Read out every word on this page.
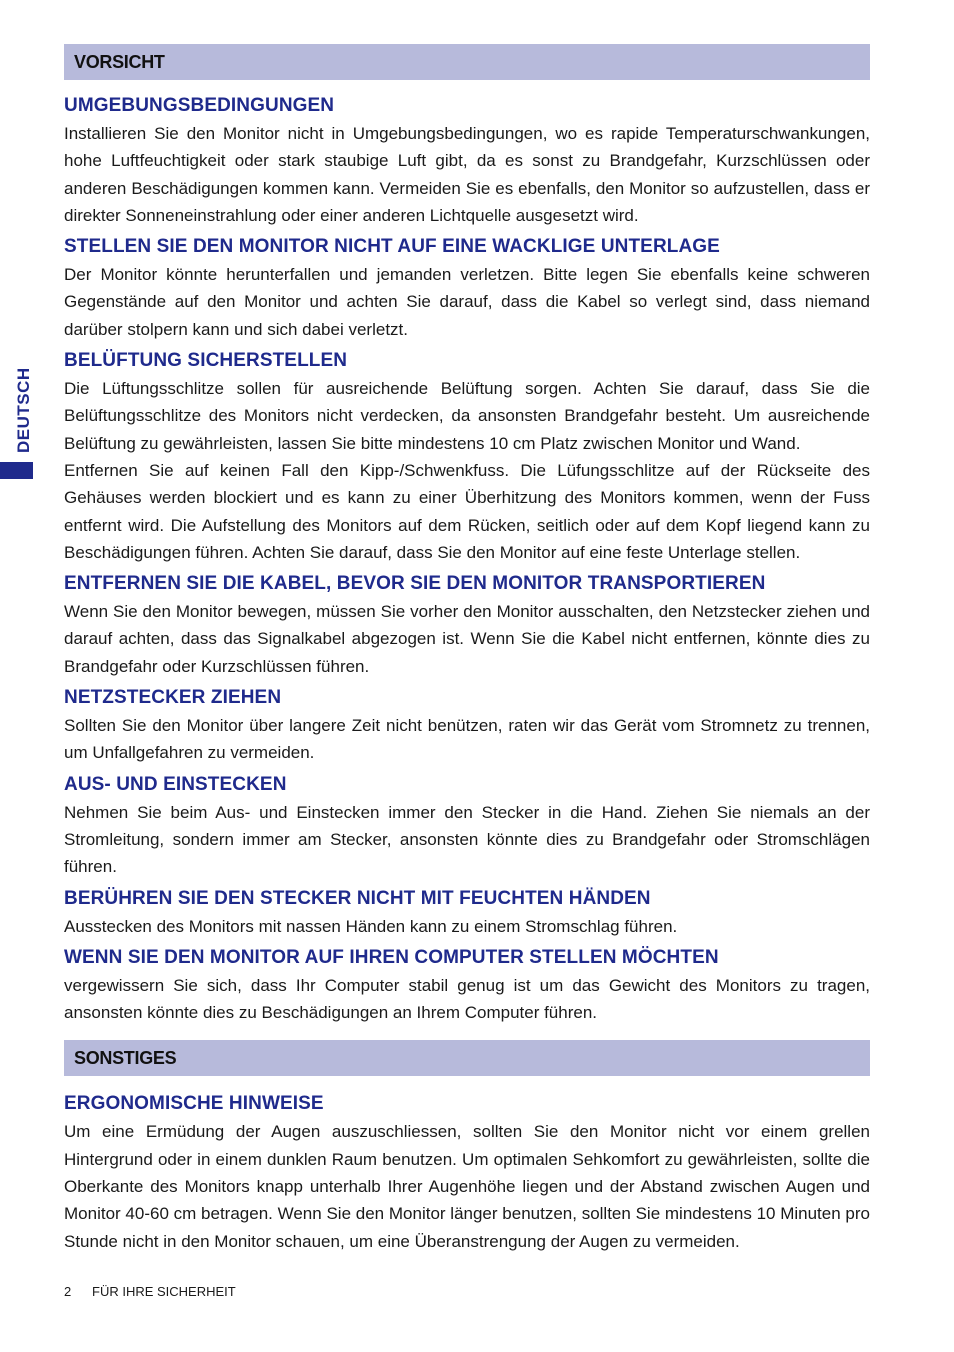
DEUTSCH
VORSICHT
UMGEBUNGSBEDINGUNGEN

Installieren Sie den Monitor nicht in Umgebungsbedingungen, wo es rapide Temperaturschwankungen, hohe Luftfeuchtigkeit oder stark staubige Luft gibt, da es sonst zu Brandgefahr, Kurzschlüssen oder anderen Beschädigungen kommen kann. Vermeiden Sie es ebenfalls, den Monitor so aufzustellen, dass er direkter Sonneneinstrahlung oder einer anderen Lichtquelle ausgesetzt wird.

STELLEN SIE DEN MONITOR NICHT AUF EINE WACKLIGE UNTERLAGE

Der Monitor könnte herunterfallen und jemanden verletzen. Bitte legen Sie ebenfalls keine schweren Gegenstände auf den Monitor und achten Sie darauf, dass die Kabel so verlegt sind, dass niemand darüber stolpern kann und sich dabei verletzt.

BELÜFTUNG SICHERSTELLEN

Die Lüftungsschlitze sollen für ausreichende Belüftung sorgen. Achten Sie darauf, dass Sie die Belüftungsschlitze des Monitors nicht verdecken, da ansonsten Brandgefahr besteht. Um ausreichende Belüftung zu gewährleisten, lassen Sie bitte mindestens 10 cm Platz zwischen Monitor und Wand.

Entfernen Sie auf keinen Fall den Kipp-/Schwenkfuss. Die Lüfungsschlitze auf der Rückseite des Gehäuses werden blockiert und es kann zu einer Überhitzung des Monitors kommen, wenn der Fuss entfernt wird. Die Aufstellung des Monitors auf dem Rücken, seitlich oder auf dem Kopf liegend kann zu Beschädigungen führen. Achten Sie darauf, dass Sie den Monitor auf eine feste Unterlage stellen.

ENTFERNEN SIE DIE KABEL, BEVOR SIE DEN MONITOR TRANSPORTIEREN

Wenn Sie den Monitor bewegen, müssen Sie vorher den Monitor ausschalten, den Netzstecker ziehen und darauf achten, dass das Signalkabel abgezogen ist. Wenn Sie die Kabel nicht entfernen, könnte dies zu Brandgefahr oder Kurzschlüssen führen.

NETZSTECKER ZIEHEN

Sollten Sie den Monitor über langere Zeit nicht benützen, raten wir das Gerät vom Stromnetz zu trennen, um Unfallgefahren zu vermeiden.

AUS- UND EINSTECKEN

Nehmen Sie beim Aus- und Einstecken immer den Stecker in die Hand. Ziehen Sie niemals an der Stromleitung, sondern immer am Stecker, ansonsten könnte dies zu Brandgefahr oder Stromschlägen führen.

BERÜHREN SIE DEN STECKER NICHT MIT FEUCHTEN HÄNDEN

Ausstecken des Monitors mit nassen Händen kann zu einem Stromschlag führen.

WENN SIE DEN MONITOR AUF IHREN COMPUTER STELLEN MÖCHTEN

vergewissern Sie sich, dass Ihr Computer stabil genug ist um das Gewicht des Monitors zu tragen, ansonsten könnte dies zu Beschädigungen an Ihrem Computer führen.

SONSTIGES
ERGONOMISCHE HINWEISE

Um eine Ermüdung der Augen auszuschliessen, sollten Sie den Monitor nicht vor einem grellen Hintergrund oder in einem dunklen Raum benutzen. Um optimalen Sehkomfort zu gewährleisten, sollte die Oberkante des Monitors knapp unterhalb Ihrer Augenhöhe liegen und der Abstand zwischen Augen und Monitor 40-60 cm betragen. Wenn Sie den Monitor länger benutzen, sollten Sie mindestens 10 Minuten pro Stunde nicht in den Monitor schauen, um eine Überanstrengung der Augen zu vermeiden.

2 FÜR IHRE SICHERHEIT
